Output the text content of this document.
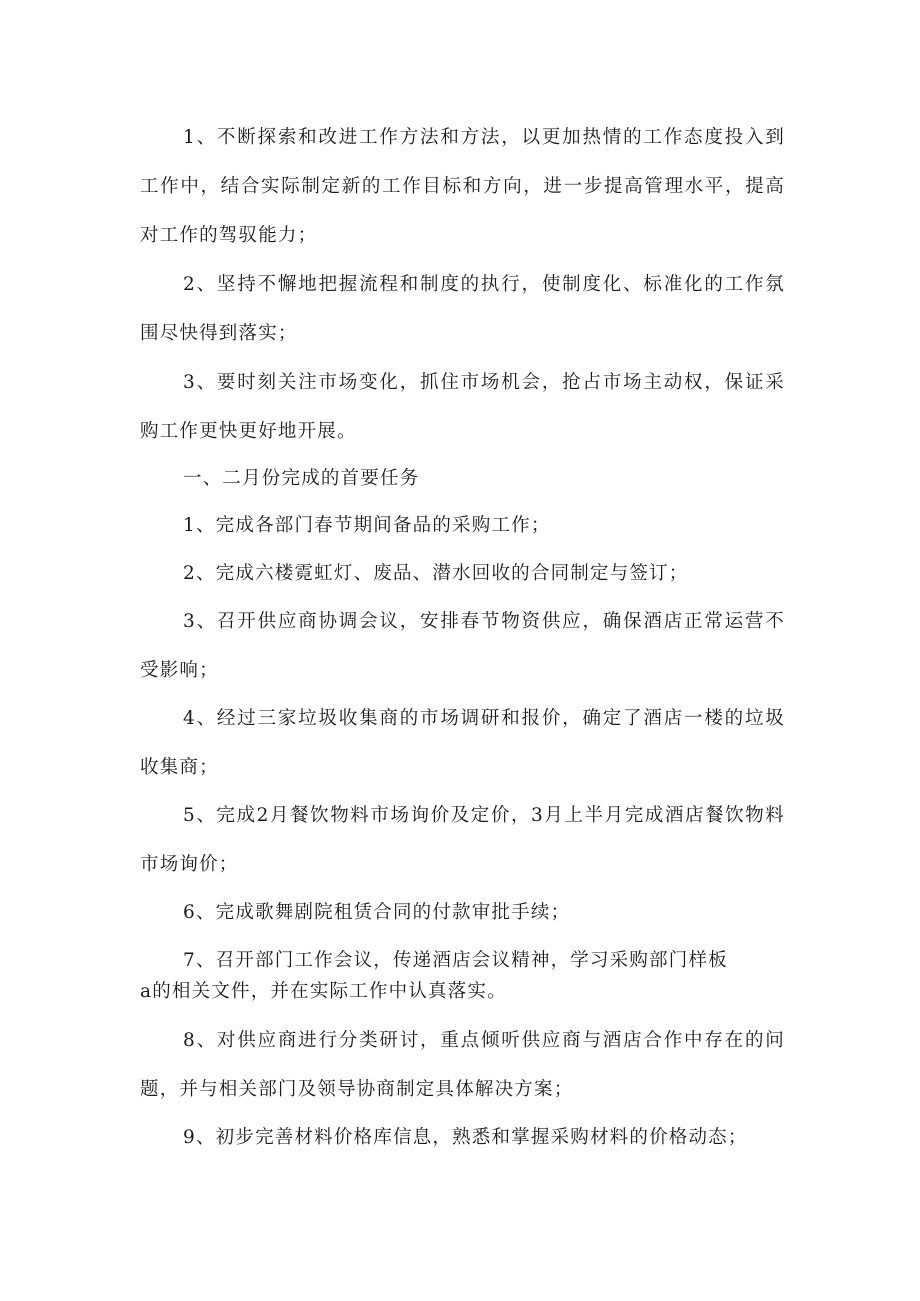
1、不断探索和改进工作方法和方法，以更加热情的工作态度投入到工作中，结合实际制定新的工作目标和方向，进一步提高管理水平，提高对工作的驾驭能力；

2、坚持不懈地把握流程和制度的执行，使制度化、标准化的工作氛围尽快得到落实；

3、要时刻关注市场变化，抓住市场机会，抢占市场主动权，保证采购工作更快更好地开展。

一、二月份完成的首要任务

1、完成各部门春节期间备品的采购工作；

2、完成六楼霓虹灯、废品、潜水回收的合同制定与签订；

3、召开供应商协调会议，安排春节物资供应，确保酒店正常运营不受影响；

4、经过三家垃圾收集商的市场调研和报价，确定了酒店一楼的垃圾收集商；

5、完成2月餐饮物料市场询价及定价，3月上半月完成酒店餐饮物料市场询价；

6、完成歌舞剧院租赁合同的付款审批手续；

7、召开部门工作会议，传递酒店会议精神，学习采购部门样板

a的相关文件，并在实际工作中认真落实。

8、对供应商进行分类研讨，重点倾听供应商与酒店合作中存在的问题，并与相关部门及领导协商制定具体解决方案；

9、初步完善材料价格库信息，熟悉和掌握采购材料的价格动态；
